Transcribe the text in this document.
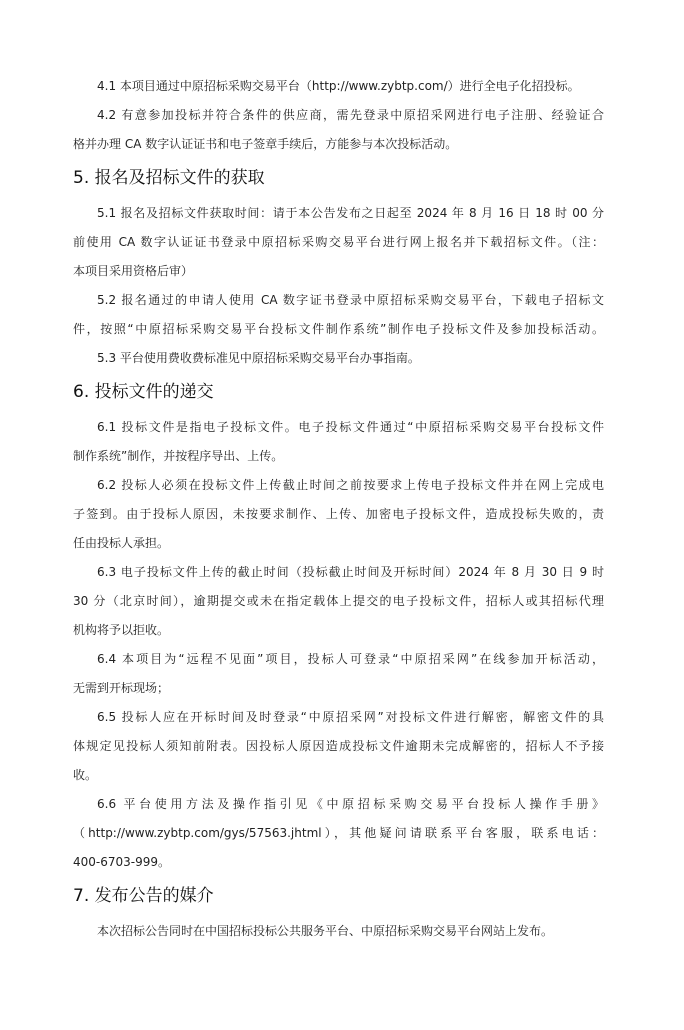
4.1 本项目通过中原招标采购交易平台（http://www.zybtp.com/）进行全电子化招投标。

4.2 有意参加投标并符合条件的供应商，需先登录中原招采网进行电子注册、经验证合

格并办理 CA 数字认证证书和电子签章手续后，方能参与本次投标活动。

5. 报名及招标文件的获取

5.1 报名及招标文件获取时间：请于本公告发布之日起至 2024 年 8 月 16 日 18 时 00 分

前使用 CA 数字认证证书登录中原招标采购交易平台进行网上报名并下载招标文件。（注：
本项目采用资格后审）

5.2 报名通过的申请人使用 CA 数字证书登录中原招标采购交易平台，下载电子招标文

件，按照“中原招标采购交易平台投标文件制作系统”制作电子投标文件及参加投标活动。

5.3 平台使用费收费标准见中原招标采购交易平台办事指南。

6. 投标文件的递交

6.1 投标文件是指电子投标文件。电子投标文件通过“中原招标采购交易平台投标文件

制作系统”制作，并按程序导出、上传。

6.2 投标人必须在投标文件上传截止时间之前按要求上传电子投标文件并在网上完成电

子签到。由于投标人原因，未按要求制作、上传、加密电子投标文件，造成投标失败的，责
任由投标人承担。

6.3 电子投标文件上传的截止时间（投标截止时间及开标时间）2024 年 8 月 30 日 9 时

30 分（北京时间），逾期提交或未在指定载体上提交的电子投标文件，招标人或其招标代理
机构将予以拒收。

6.4 本项目为“远程不见面”项目，投标人可登录“中原招采网”在线参加开标活动，

无需到开标现场；

6.5 投标人应在开标时间及时登录“中原招采网”对投标文件进行解密，解密文件的具

体规定见投标人须知前附表。因投标人原因造成投标文件逾期未完成解密的，招标人不予接
收。

6.6 平台使用方法及操作指引见《中原招标采购交易平台投标人操作手册》

（http://www.zybtp.com/gys/57563.jhtml），其他疑问请联系平台客服，联系电话：
400-6703-999。

7. 发布公告的媒介

本次招标公告同时在中国招标投标公共服务平台、中原招标采购交易平台网站上发布。
